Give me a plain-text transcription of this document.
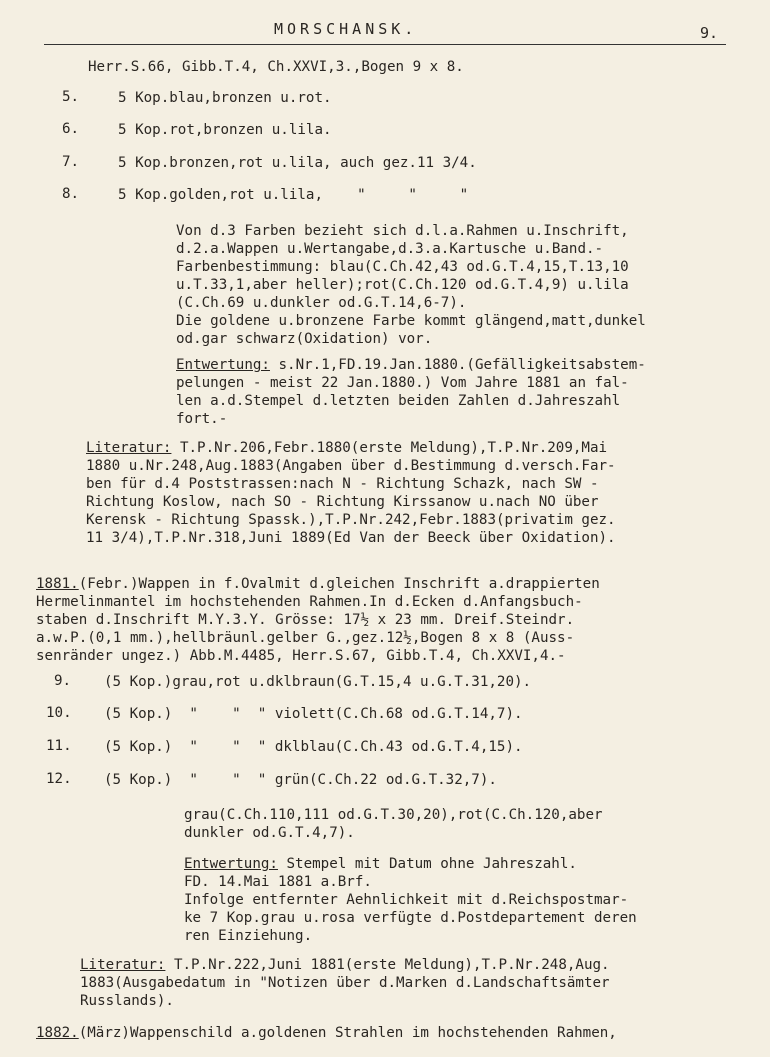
MORSCHANSK.	9.
Herr.S.66, Gibb.T.4, Ch.XXVI,3.,Bogen 9 x 8.
5.	5 Kop.blau,bronzen u.rot.
6.	5 Kop.rot,bronzen u.lila.
7.	5 Kop.bronzen,rot u.lila, auch gez.11 3/4.
8.	5 Kop.golden,rot u.lila,    "     "     "
Von d.3 Farben bezieht sich d.l.a.Rahmen u.Inschrift,
d.2.a.Wappen u.Wertangabe,d.3.a.Kartusche u.Band.-
Farbenbestimmung: blau(C.Ch.42,43 od.G.T.4,15,T.13,10
u.T.33,1,aber heller);rot(C.Ch.120 od.G.T.4,9) u.lila
(C.Ch.69 u.dunkler od.G.T.14,6-7).
Die goldene u.bronzene Farbe kommt glängend,matt,dunkel
od.gar schwarz(Oxidation) vor.
Entwertung: s.Nr.1,FD.19.Jan.1880.(Gefälligkeitsabstem-
pelungen - meist 22 Jan.1880.) Vom Jahre 1881 an fal-
len a.d.Stempel d.letzten beiden Zahlen d.Jahreszahl
fort.-
Literatur: T.P.Nr.206,Febr.1880(erste Meldung),T.P.Nr.209,Mai
1880 u.Nr.248,Aug.1883(Angaben über d.Bestimmung d.versch.Far-
ben für d.4 Poststrassen:nach N - Richtung Schazk, nach SW -
Richtung Koslow, nach SO - Richtung Kirssanow u.nach NO über
Kerensk - Richtung Spassk.),T.P.Nr.242,Febr.1883(privatim gez.
11 3/4),T.P.Nr.318,Juni 1889(Ed Van der Beeck über Oxidation).
1881.(Febr.)Wappen in f.Ovalmit d.gleichen Inschrift a.drappierten
Hermelinmantel im hochstehenden Rahmen.In d.Ecken d.Anfangsbuch-
staben d.Inschrift M.Y.3.Y. Grösse: 17½ x 23 mm. Dreif.Steindr.
a.w.P.(0,1 mm.),hellbräunl.gelber G.,gez.12½,Bogen 8 x 8 (Auss-
senränder ungez.) Abb.M.4485, Herr.S.67, Gibb.T.4, Ch.XXVI,4.-
9. (5 Kop.)grau,rot u.dklbraun(G.T.15,4 u.G.T.31,20).
10. (5 Kop.)  "    "  " violett(C.Ch.68 od.G.T.14,7).
11. (5 Kop.)  "    "  " dklblau(C.Ch.43 od.G.T.4,15).
12. (5 Kop.)  "    "  " grün(C.Ch.22 od.G.T.32,7).
grau(C.Ch.110,111 od.G.T.30,20),rot(C.Ch.120,aber
dunkler od.G.T.4,7).
Entwertung: Stempel mit Datum ohne Jahreszahl.
FD. 14.Mai 1881 a.Brf.
Infolge entfernter Aehnlichkeit mit d.Reichspostmar-
ke 7 Kop.grau u.rosa verfügte d.Postdepartement deren
ren Einziehung.
Literatur: T.P.Nr.222,Juni 1881(erste Meldung),T.P.Nr.248,Aug.
1883(Ausgabedatum in "Notizen über d.Marken d.Landschaftsämter
Russlands).
1882.(März)Wappenschild a.goldenen Strahlen im hochstehenden Rahmen,
